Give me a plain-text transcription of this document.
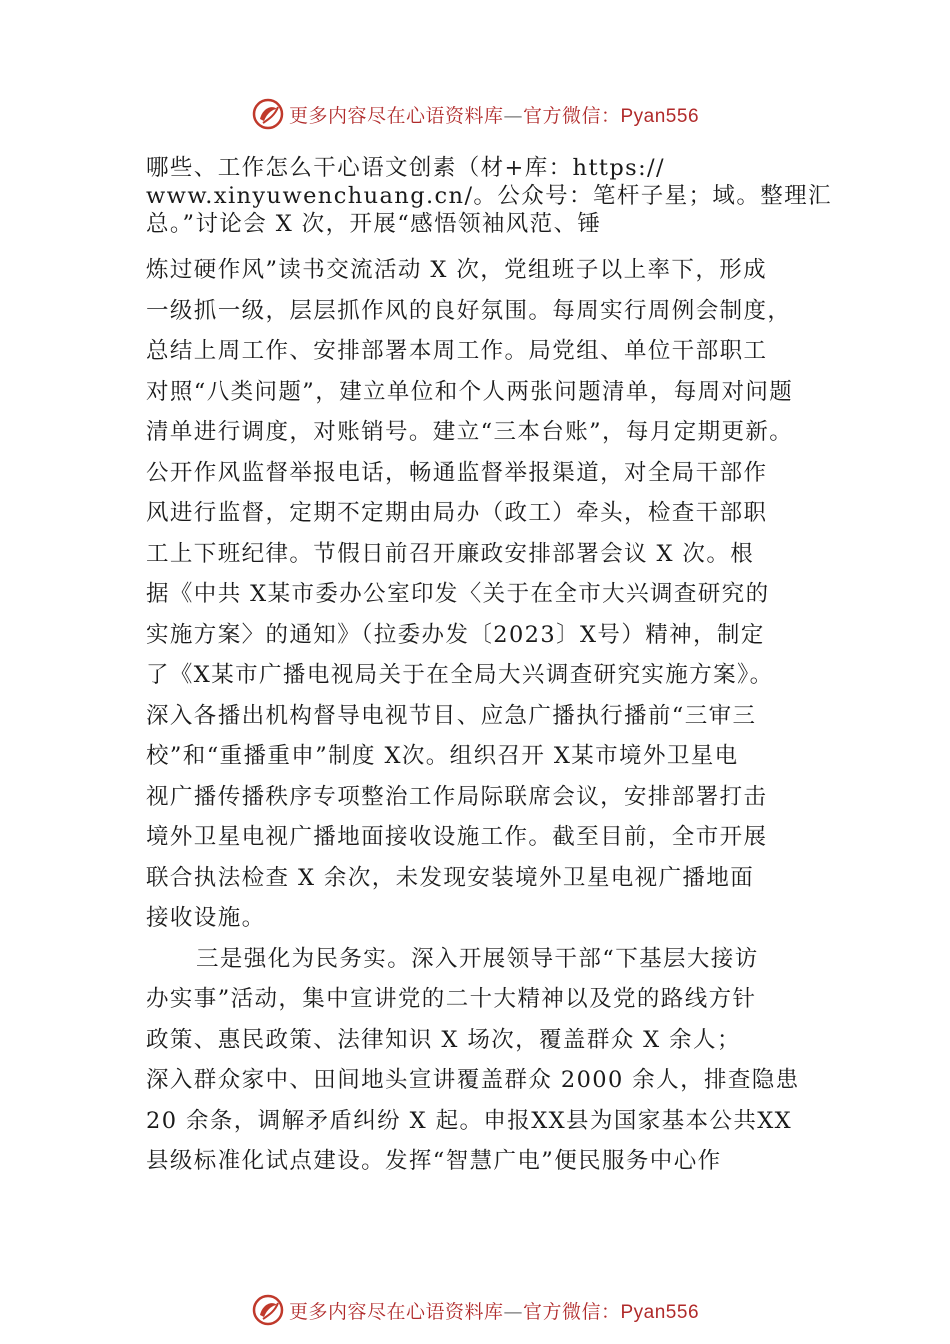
更多内容尽在心语资料库—官方微信：Pyan556
哪些、工作怎么干心语文创素（材+库：https://
www.xinyuwenchuang.cn/。公众号：笔杆子星；域。整理汇
总。”讨论会 X 次，开展“感悟领袖风范、锤
炼过硬作风”读书交流活动 X 次，党组班子以上率下，形成
一级抓一级，层层抓作风的良好氛围。每周实行周例会制度，
总结上周工作、安排部署本周工作。局党组、单位干部职工
对照“八类问题”，建立单位和个人两张问题清单，每周对问题
清单进行调度，对账销号。建立“三本台账”，每月定期更新。
公开作风监督举报电话，畅通监督举报渠道，对全局干部作
风进行监督，定期不定期由局办（政工）牵头，检查干部职
工上下班纪律。节假日前召开廉政安排部署会议 X 次。根
据《中共 X某市委办公室印发〈关于在全市大兴调查研究的
实施方案〉的通知》（拉委办发〔2023〕X号）精神，制定
了《X某市广播电视局关于在全局大兴调查研究实施方案》。
深入各播出机构督导电视节目、应急广播执行播前“三审三
校”和“重播重申”制度 X次。组织召开 X某市境外卫星电
视广播传播秩序专项整治工作局际联席会议，安排部署打击
境外卫星电视广播地面接收设施工作。截至目前，全市开展
联合执法检查 X 余次，未发现安装境外卫星电视广播地面
接收设施。
三是强化为民务实。深入开展领导干部“下基层大接访
办实事”活动，集中宣讲党的二十大精神以及党的路线方针
政策、惠民政策、法律知识 X 场次，覆盖群众 X 余人；
深入群众家中、田间地头宣讲覆盖群众 2000 余人，排查隐患
20 余条，调解矛盾纠纷 X 起。申报XX县为国家基本公共XX
县级标准化试点建设。发挥“智慧广电”便民服务中心作
更多内容尽在心语资料库—官方微信：Pyan556
